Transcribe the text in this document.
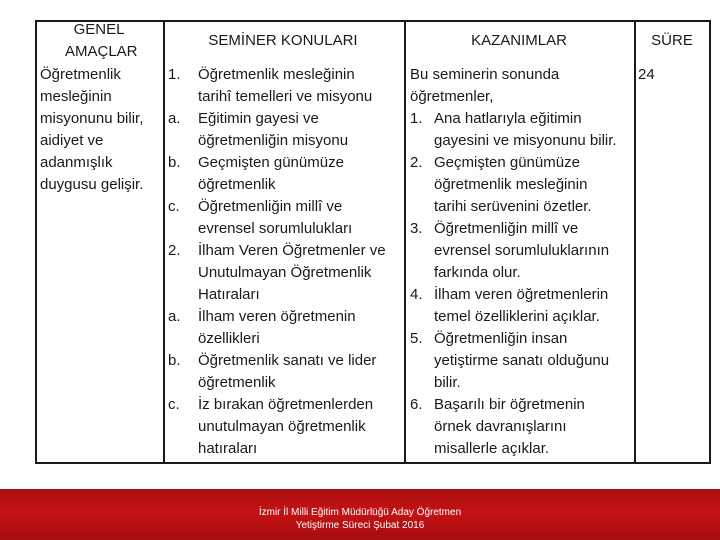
GENEL AMAÇLAR
SEMİNER KONULARI	KAZANIMLAR	SÜRE
Öğretmenlik
mesleğinin
misyonunu bilir,
aidiyet ve
adanmışlık
duygusu gelişir.
1. Öğretmenlik mesleğinin
tarihî temelleri ve misyonu
a. Eğitimin gayesi ve
öğretmenliğin misyonu
b. Geçmişten günümüze
öğretmenlik
c. Öğretmenliğin millî ve
evrensel sorumlulukları
2. İlham Veren Öğretmenler ve
Unutulmayan Öğretmenlik
Hatıraları
a. İlham veren öğretmenin
özellikleri
b. Öğretmenlik sanatı ve lider
öğretmenlik
c. İz bırakan öğretmenlerden
unutulmayan öğretmenlik
hatıraları
Bu seminerin sonunda
öğretmenler,
1. Ana hatlarıyla eğitimin
gayesini ve misyonunu bilir.
2. Geçmişten günümüze
öğretmenlik mesleğinin
tarihi serüvenini özetler.
3. Öğretmenliğin millî ve
evrensel sorumluluklarının
farkında olur.
4. İlham veren öğretmenlerin
temel özelliklerini açıklar.
5. Öğretmenliğin insan
yetiştirme sanatı olduğunu
bilir.
6. Başarılı bir öğretmenin
örnek davranışlarını
misallerle açıklar.
24
İzmir İl Milli Eğitim Müdürlüğü Aday Öğretmen
Yetiştirme Süreci Şubat 2016
